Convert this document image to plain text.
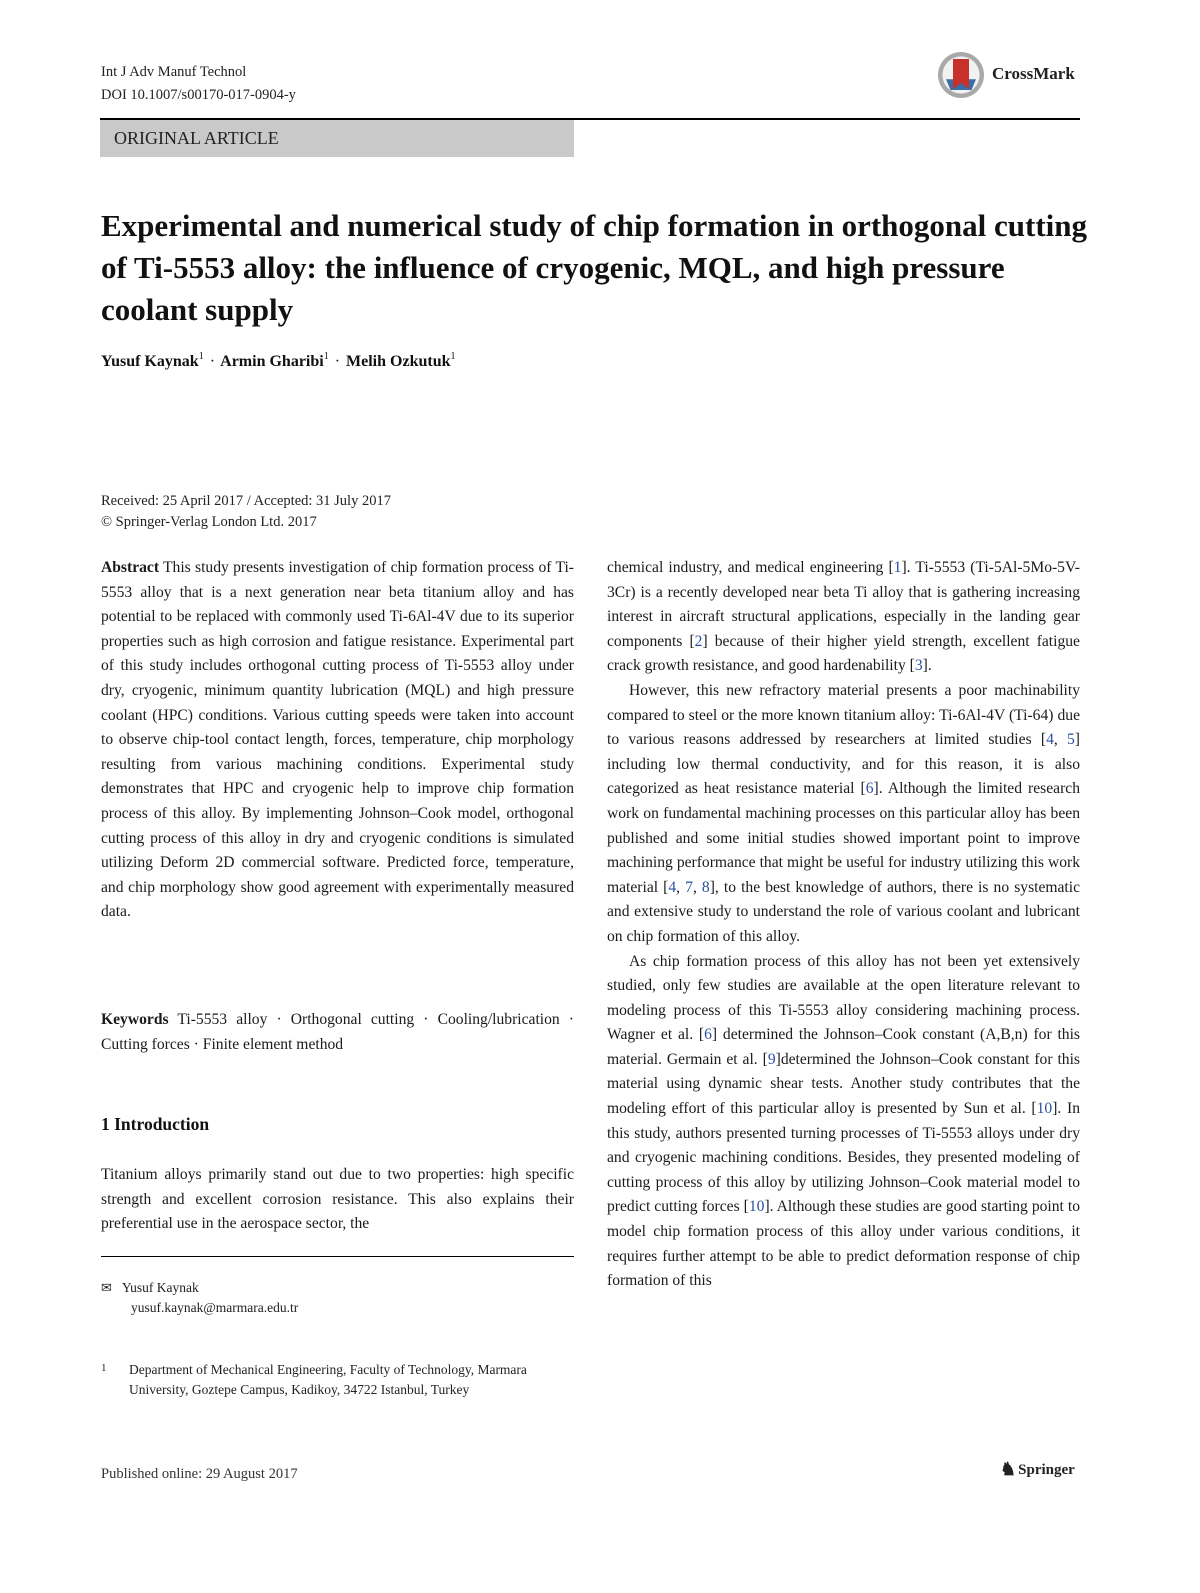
Int J Adv Manuf Technol
DOI 10.1007/s00170-017-0904-y
CrossMark
ORIGINAL ARTICLE
Experimental and numerical study of chip formation in orthogonal cutting of Ti-5553 alloy: the influence of cryogenic, MQL, and high pressure coolant supply
Yusuf Kaynak$^1$ · Armin Gharibi$^1$ · Melih Ozkutuk$^1$
Received: 25 April 2017 / Accepted: 31 July 2017
© Springer-Verlag London Ltd. 2017

Abstract This study presents investigation of chip formation process of Ti-5553 alloy that is a next generation near beta titanium alloy and has potential to be replaced with commonly used Ti-6Al-4V due to its superior properties such as high corrosion and fatigue resistance. Experimental part of this study includes orthogonal cutting process of Ti-5553 alloy under dry, cryogenic, minimum quantity lubrication (MQL) and high pressure coolant (HPC) conditions. Various cutting speeds were taken into account to observe chip-tool contact length, forces, temperature, chip morphology resulting from various machining conditions. Experimental study demonstrates that HPC and cryogenic help to improve chip formation process of this alloy. By implementing Johnson–Cook model, orthogonal cutting process of this alloy in dry and cryogenic conditions is simulated utilizing Deform 2D commercial software. Predicted force, temperature, and chip morphology show good agreement with experimentally measured data.

Keywords Ti-5553 alloy · Orthogonal cutting · Cooling/lubrication · Cutting forces · Finite element method

1 Introduction

Titanium alloys primarily stand out due to two properties: high specific strength and excellent corrosion resistance. This also explains their preferential use in the aerospace sector, the

✉ Yusuf Kaynak
yusuf.kaynak@marmara.edu.tr
1 Department of Mechanical Engineering, Faculty of Technology, Marmara University, Goztepe Campus, Kadikoy, 34722 Istanbul, Turkey

chemical industry, and medical engineering [1]. Ti-5553 (Ti-5Al-5Mo-5V-3Cr) is a recently developed near beta Ti alloy that is gathering increasing interest in aircraft structural applications, especially in the landing gear components [2] because of their higher yield strength, excellent fatigue crack growth resistance, and good hardenability [3].

However, this new refractory material presents a poor machinability compared to steel or the more known titanium alloy: Ti-6Al-4V (Ti-64) due to various reasons addressed by researchers at limited studies [4, 5] including low thermal conductivity, and for this reason, it is also categorized as heat resistance material [6]. Although the limited research work on fundamental machining processes on this particular alloy has been published and some initial studies showed important point to improve machining performance that might be useful for industry utilizing this work material [4, 7, 8], to the best knowledge of authors, there is no systematic and extensive study to understand the role of various coolant and lubricant on chip formation of this alloy.

As chip formation process of this alloy has not been yet extensively studied, only few studies are available at the open literature relevant to modeling process of this Ti-5553 alloy considering machining process. Wagner et al. [6] determined the Johnson–Cook constant (A,B,n) for this material. Germain et al. [9]determined the Johnson–Cook constant for this material using dynamic shear tests. Another study contributes that the modeling effort of this particular alloy is presented by Sun et al. [10]. In this study, authors presented turning processes of Ti-5553 alloys under dry and cryogenic machining conditions. Besides, they presented modeling of cutting process of this alloy by utilizing Johnson–Cook material model to predict cutting forces [10]. Although these studies are good starting point to model chip formation process of this alloy under various conditions, it requires further attempt to be able to predict deformation response of chip formation of this

Published online: 29 August 2017	♞ Springer
